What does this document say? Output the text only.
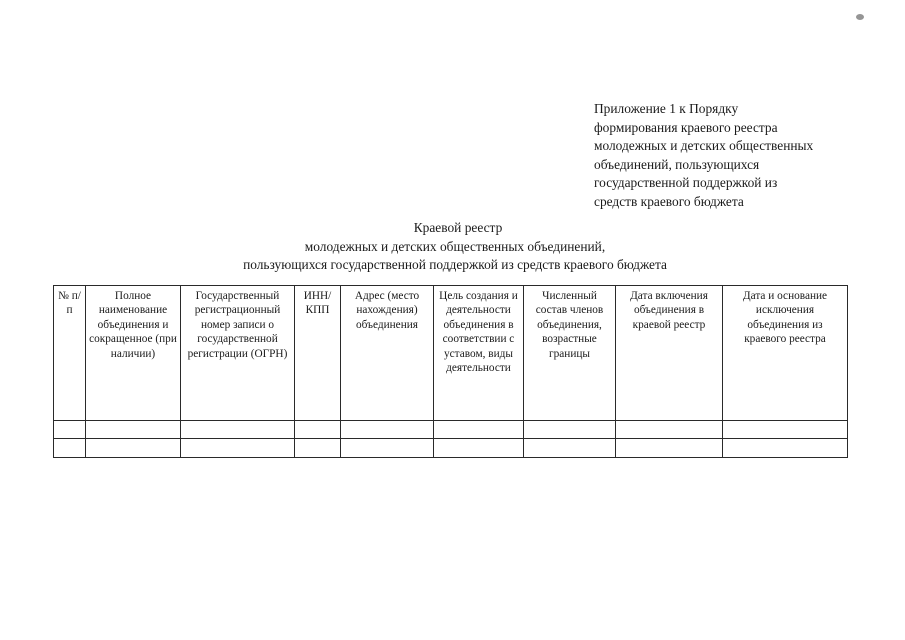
Приложение 1 к Порядку
формирования краевого реестра
молодежных и детских общественных
объединений, пользующихся
государственной поддержкой из
средств краевого бюджета
Краевой реестр
молодежных и детских общественных объединений,
пользующихся государственной поддержкой из средств краевого бюджета
№ п/п	Полное наименование объединения и сокращенное (при наличии)	Государственный регистрационный номер записи о государственной регистрации (ОГРН)	ИНН/ КПП	Адрес (место нахождения) объединения	Цель создания и деятельности объединения в соответствии с уставом, виды деятельности	Численный состав членов объединения, возрастные границы	Дата включения объединения в краевой реестр	Дата и основание исключения объединения из краевого реестра
